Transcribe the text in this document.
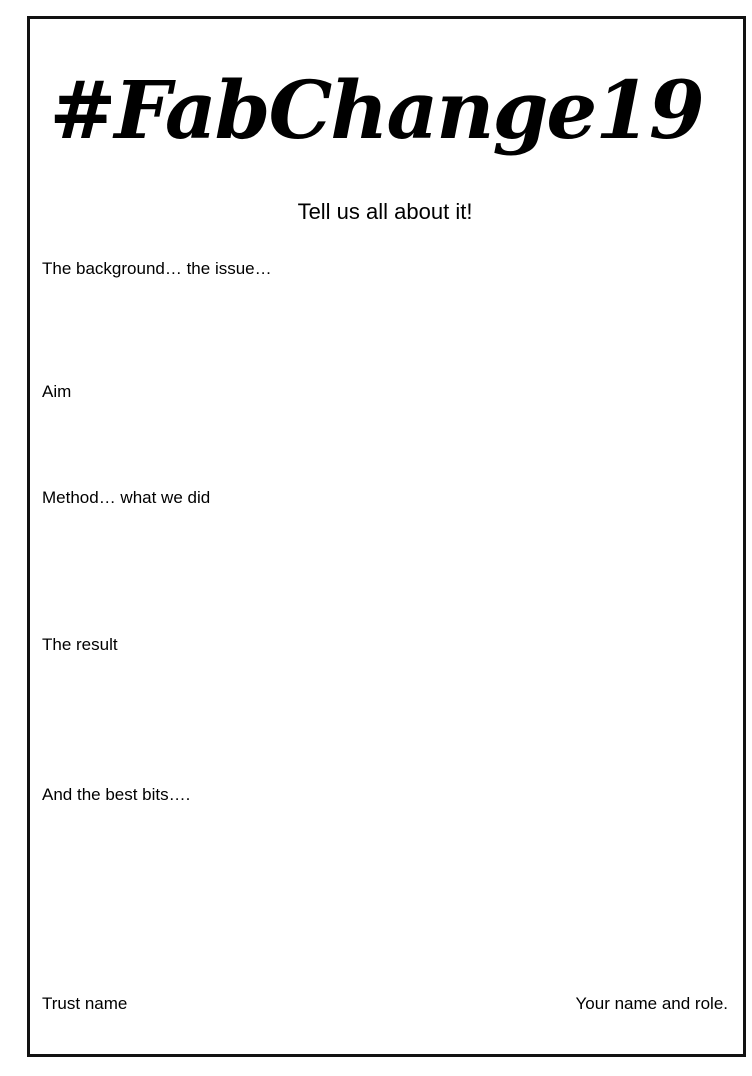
#FabChange19

Tell us all about it!

The background… the issue…

Aim

Method… what we did

The result

And the best bits….

Trust name	Your name and role.
